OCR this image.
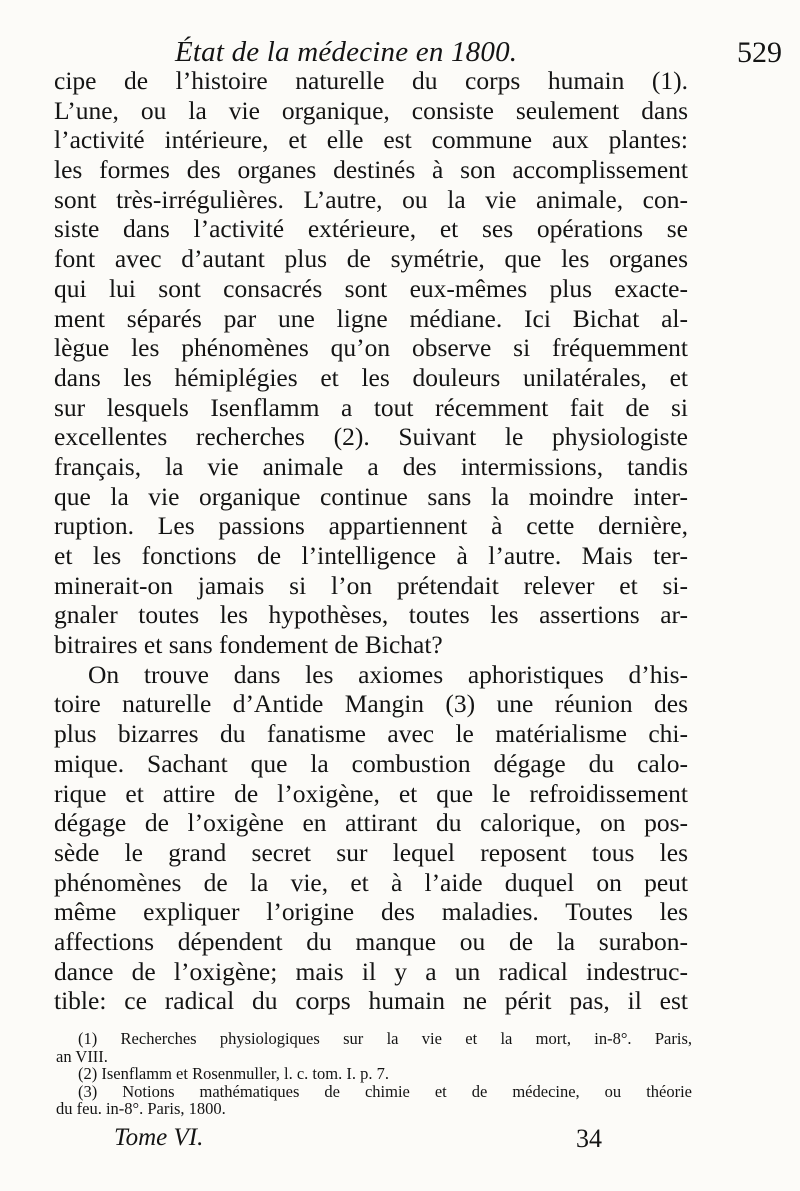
État de la médecine en 1800.	529
cipe de l’histoire naturelle du corps humain (1).
L’une, ou la vie organique, consiste seulement dans
l’activité intérieure, et elle est commune aux plantes:
les formes des organes destinés à son accomplissement
sont très-irrégulières. L’autre, ou la vie animale, con-
siste dans l’activité extérieure, et ses opérations se
font avec d’autant plus de symétrie, que les organes
qui lui sont consacrés sont eux-mêmes plus exacte-
ment séparés par une ligne médiane. Ici Bichat al-
lègue les phénomènes qu’on observe si fréquemment
dans les hémiplégies et les douleurs unilatérales, et
sur lesquels Isenflamm a tout récemment fait de si
excellentes recherches (2). Suivant le physiologiste
français, la vie animale a des intermissions, tandis
que la vie organique continue sans la moindre inter-
ruption. Les passions appartiennent à cette dernière,
et les fonctions de l’intelligence à l’autre. Mais ter-
minerait-on jamais si l’on prétendait relever et si-
gnaler toutes les hypothèses, toutes les assertions ar-
bitraires et sans fondement de Bichat?
On trouve dans les axiomes aphoristiques d’his-
toire naturelle d’Antide Mangin (3) une réunion des
plus bizarres du fanatisme avec le matérialisme chi-
mique. Sachant que la combustion dégage du calo-
rique et attire de l’oxigène, et que le refroidissement
dégage de l’oxigène en attirant du calorique, on pos-
sède le grand secret sur lequel reposent tous les
phénomènes de la vie, et à l’aide duquel on peut
même expliquer l’origine des maladies. Toutes les
affections dépendent du manque ou de la surabon-
dance de l’oxigène; mais il y a un radical indestruc-
tible: ce radical du corps humain ne périt pas, il est
(1) Recherches physiologiques sur la vie et la mort, in-8°. Paris,
an VIII.
(2) Isenflamm et Rosenmuller, l. c. tom. I. p. 7.
(3) Notions mathématiques de chimie et de médecine, ou théorie
du feu. in-8°. Paris, 1800.
Tome VI.	34
